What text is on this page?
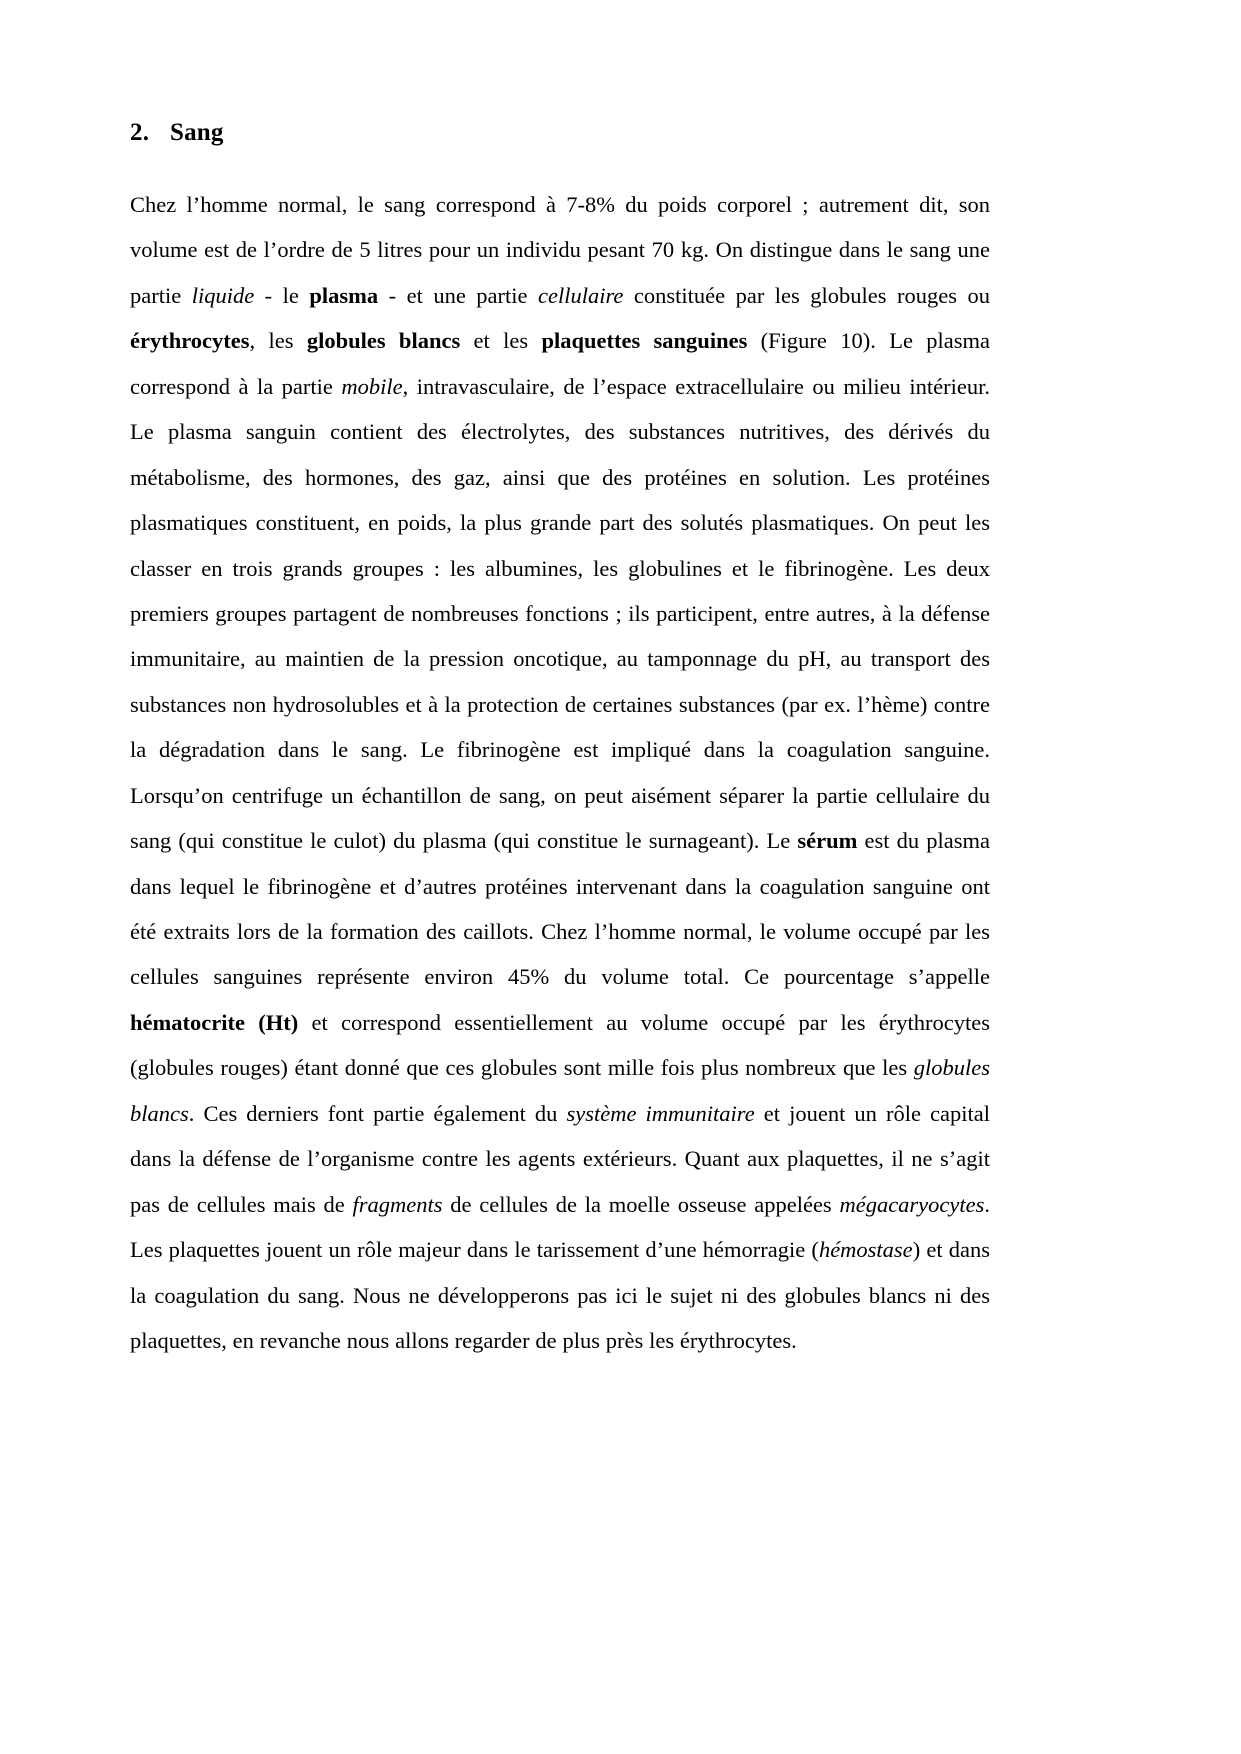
2. Sang

Chez l’homme normal, le sang correspond à 7-8% du poids corporel ; autrement dit, son volume est de l’ordre de 5 litres pour un individu pesant 70 kg. On distingue dans le sang une partie liquide - le plasma - et une partie cellulaire constituée par les globules rouges ou érythrocytes, les globules blancs et les plaquettes sanguines (Figure 10). Le plasma correspond à la partie mobile, intravasculaire, de l’espace extracellulaire ou milieu intérieur. Le plasma sanguin contient des électrolytes, des substances nutritives, des dérivés du métabolisme, des hormones, des gaz, ainsi que des protéines en solution. Les protéines plasmatiques constituent, en poids, la plus grande part des solutés plasmatiques. On peut les classer en trois grands groupes : les albumines, les globulines et le fibrinogène. Les deux premiers groupes partagent de nombreuses fonctions ; ils participent, entre autres, à la défense immunitaire, au maintien de la pression oncotique, au tamponnage du pH, au transport des substances non hydrosolubles et à la protection de certaines substances (par ex. l’hème) contre la dégradation dans le sang. Le fibrinogène est impliqué dans la coagulation sanguine. Lorsqu’on centrifuge un échantillon de sang, on peut aisément séparer la partie cellulaire du sang (qui constitue le culot) du plasma (qui constitue le surnageant). Le sérum est du plasma dans lequel le fibrinogène et d’autres protéines intervenant dans la coagulation sanguine ont été extraits lors de la formation des caillots. Chez l’homme normal, le volume occupé par les cellules sanguines représente environ 45% du volume total. Ce pourcentage s’appelle hématocrite (Ht) et correspond essentiellement au volume occupé par les érythrocytes (globules rouges) étant donné que ces globules sont mille fois plus nombreux que les globules blancs. Ces derniers font partie également du système immunitaire et jouent un rôle capital dans la défense de l’organisme contre les agents extérieurs. Quant aux plaquettes, il ne s’agit pas de cellules mais de fragments de cellules de la moelle osseuse appelées mégacaryocytes. Les plaquettes jouent un rôle majeur dans le tarissement d’une hémorragie (hémostase) et dans la coagulation du sang. Nous ne développerons pas ici le sujet ni des globules blancs ni des plaquettes, en revanche nous allons regarder de plus près les érythrocytes.
